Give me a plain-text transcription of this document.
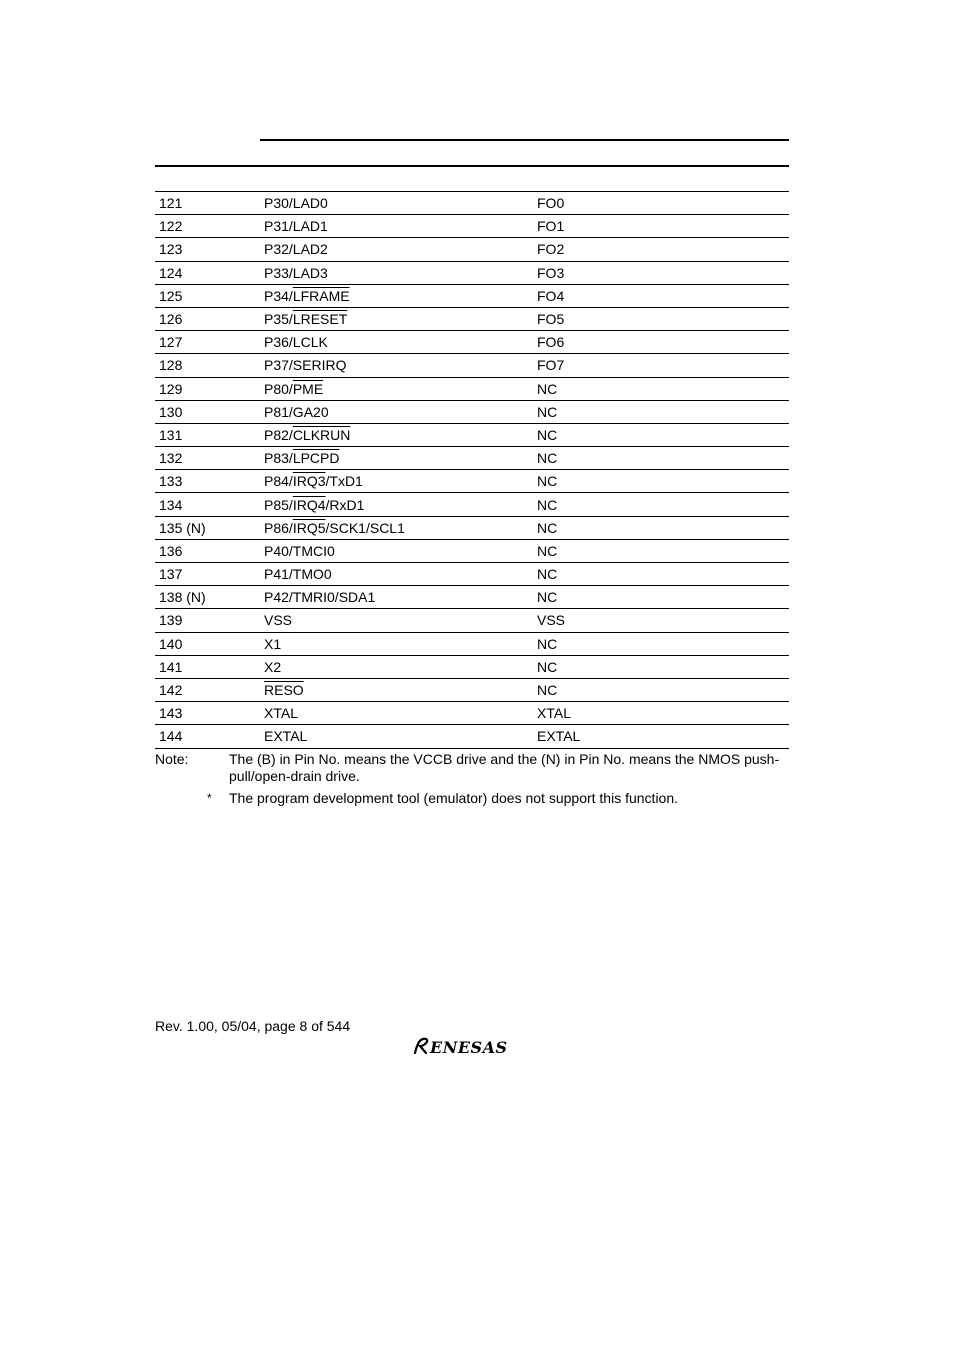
121	P30/LAD0	FO0
122	P31/LAD1	FO1
123	P32/LAD2	FO2
124	P33/LAD3	FO3
125	P34/LFRAME	FO4
126	P35/LRESET	FO5
127	P36/LCLK	FO6
128	P37/SERIRQ	FO7
129	$P80/\overline{PME}$	NC
130	P81/GA20	NC
131	P82/CLKRUN	NC
132	P83/LPCPD	NC
133	P84/IRQ3/TxD1	NC
134	P85/IRQ4/RxD1	NC
135 (N)	P86/IRQ5/SCK1/SCL1	NC
136	P40/TMCI0	NC
137	P41/TMO0	NC
138 (N)	P42/TMRI0/SDA1	NC
139	VSS	VSS
140	X1	NC
141	X2	NC
142	RESO	NC
143	XTAL	XTAL
144	EXTAL	EXTAL
Note:	The (B) in Pin No. means the VCCB drive and the (N) in Pin No. means the NMOS push-pull/open-drain drive.
* The program development tool (emulator) does not support this function.
Rev. 1.00, 05/04, page 8 of 544
ENESAS
